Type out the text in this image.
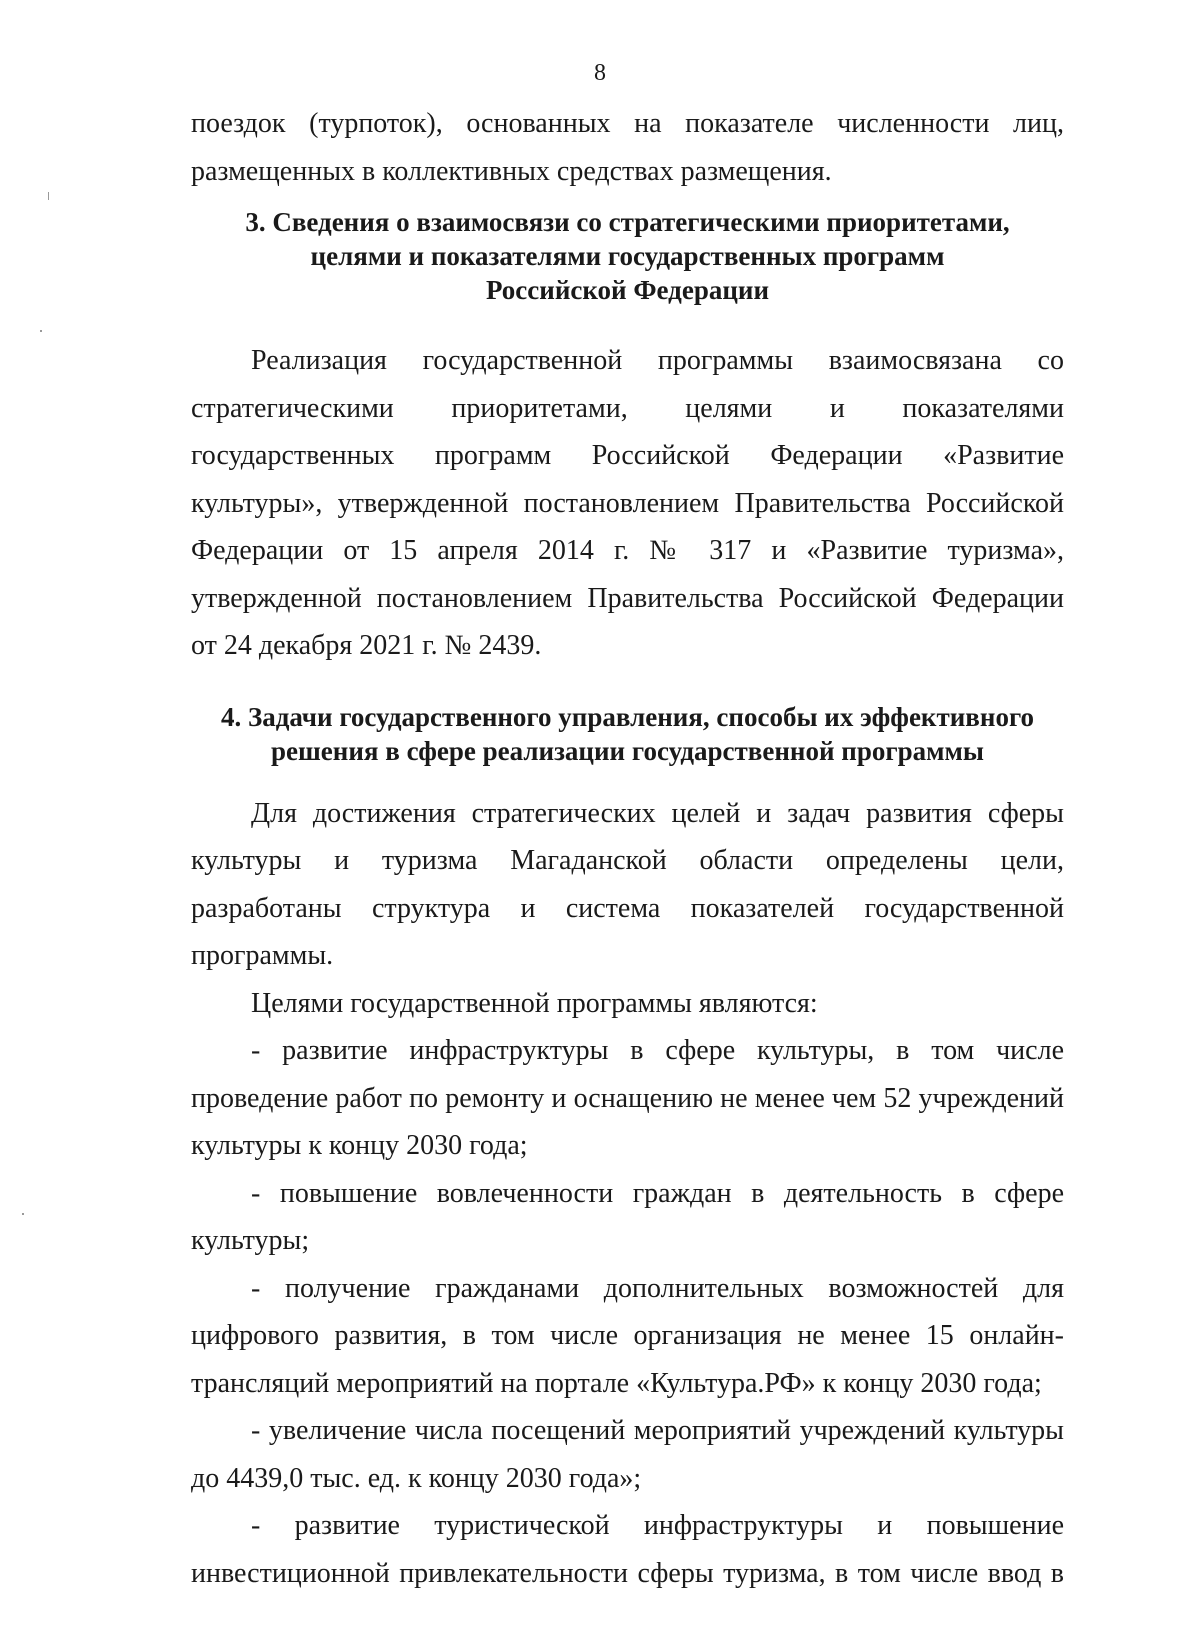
8

поездок (турпоток), основанных на показателе численности лиц, размещенных в коллективных средствах размещения.

3. Сведения о взаимосвязи со стратегическими приоритетами,
целями и показателями государственных программ
Российской Федерации

Реализация государственной программы взаимосвязана со стратегическими приоритетами, целями и показателями государственных программ Российской Федерации «Развитие культуры», утвержденной постановлением Правительства Российской Федерации от 15 апреля 2014 г. № 317 и «Развитие туризма», утвержденной постановлением Правительства Российской Федерации от 24 декабря 2021 г. № 2439.

4. Задачи государственного управления, способы их эффективного
решения в сфере реализации государственной программы

Для достижения стратегических целей и задач развития сферы культуры и туризма Магаданской области определены цели, разработаны структура и система показателей государственной программы.

Целями государственной программы являются:

- развитие инфраструктуры в сфере культуры, в том числе проведение работ по ремонту и оснащению не менее чем 52 учреждений культуры к концу 2030 года;

- повышение вовлеченности граждан в деятельность в сфере культуры;

- получение гражданами дополнительных возможностей для цифрового развития, в том числе организация не менее 15 онлайн-трансляций мероприятий на портале «Культура.РФ» к концу 2030 года;

- увеличение числа посещений мероприятий учреждений культуры до 4439,0 тыс. ед. к концу 2030 года»;

- развитие туристической инфраструктуры и повышение инвестиционной привлекательности сферы туризма, в том числе ввод в
